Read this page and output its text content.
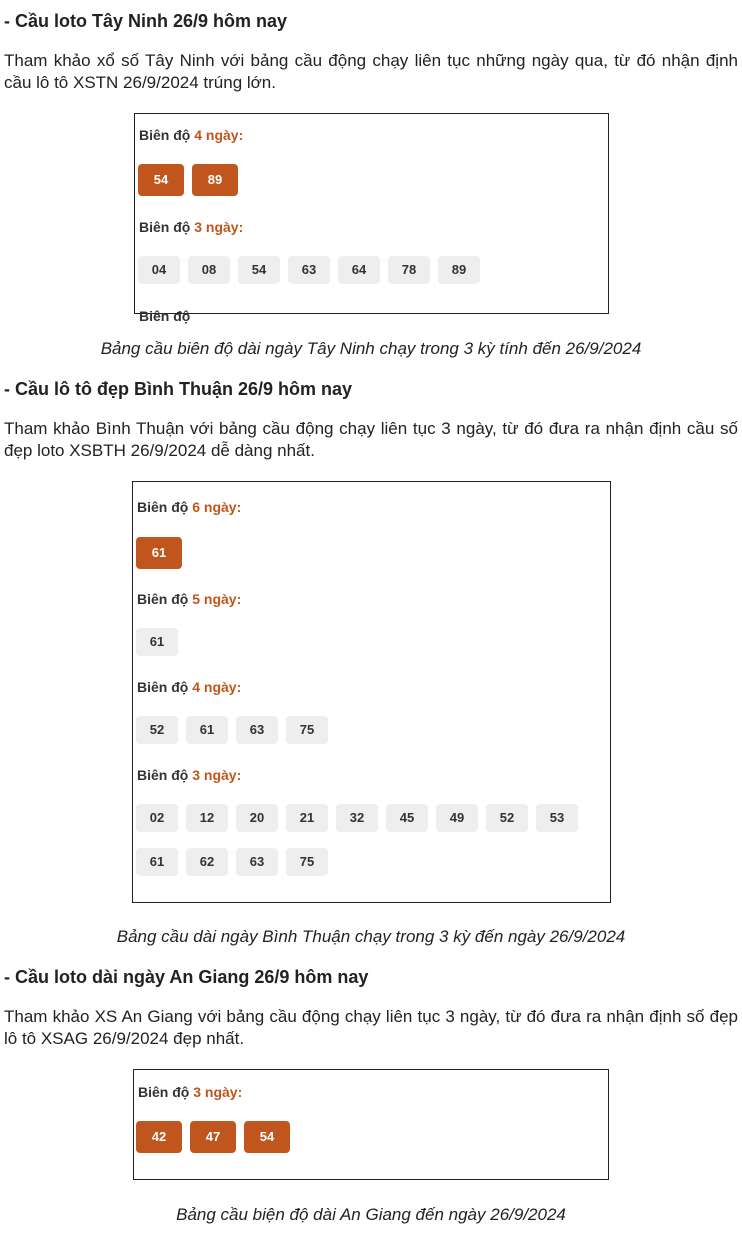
- Cầu loto Tây Ninh 26/9 hôm nay

Tham khảo xổ số Tây Ninh với bảng cầu động chạy liên tục những ngày qua, từ đó nhận định cầu lô tô XSTN 26/9/2024 trúng lớn.

Biên độ 4 ngày:
54	89
Biên độ 3 ngày:
04	08	54	63	64	78	89
Biên độ
Bảng cầu biên độ dài ngày Tây Ninh chạy trong 3 kỳ tính đến 26/9/2024
- Cầu lô tô đẹp Bình Thuận 26/9 hôm nay

Tham khảo Bình Thuận với bảng cầu động chạy liên tục 3 ngày, từ đó đưa ra nhận định cầu số đẹp loto XSBTH 26/9/2024 dễ dàng nhất.

Biên độ 6 ngày:
61
Biên độ 5 ngày:
61
Biên độ 4 ngày:
52	61	63	75
Biên độ 3 ngày:
02	12	20	21	32	45	49	52	53
61	62	63	75
Bảng cầu dài ngày Bình Thuận chạy trong 3 kỳ đến ngày 26/9/2024
- Cầu loto dài ngày An Giang 26/9 hôm nay

Tham khảo XS An Giang với bảng cầu động chạy liên tục 3 ngày, từ đó đưa ra nhận định số đẹp lô tô XSAG 26/9/2024 đẹp nhất.

Biên độ 3 ngày:
42	47	54
Bảng cầu biện độ dài An Giang đến ngày 26/9/2024
